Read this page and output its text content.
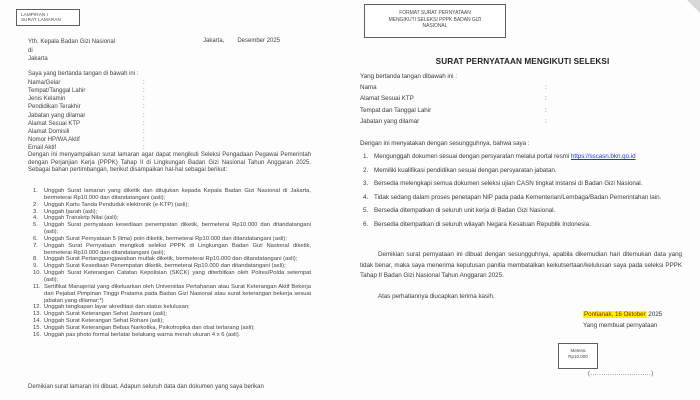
LAMPIRAN I
SURAT LAMARAN
Yth. Kepala Badan Gizi Nasional
di
Jakarta
Jakarta, Desember 2025
Saya yang bertanda tangan di bawah ini :
Nama/Gelar	:
Tempat/Tanggal Lahir	:
Jenis Kelamin	:
Pendidikan Terakhir	:
Jabatan yang dilamar	:
Alamat Sesuai KTP	:
Alamat Domisili	:
Nomor HP/WA Aktif	:
Email Aktif	:
Dengan ini menyampaikan surat lamaran agar dapat mengikuti Seleksi Pengadaan Pegawai Pemerintah dengan Perjanjian Kerja (PPPK) Tahap II di Lingkungan Badan Gizi Nasional Tahun Anggaran 2025. Sebagai bahan pertimbangan, berikut disampaikan hal-hal sebagai berikut:
Unggah Surat lamaran yang diketik dan ditujukan kepada Kepala Badan Gizi Nasional di Jakarta, bermeterai Rp10.000 dan ditandatangani (asli);
Unggah Kartu Tanda Penduduk elektronik (e-KTP) (asli);
Unggah Ijazah (asli);
Unggah Transkrip Nilai (asli);
Unggah Surat pernyataan kesediaan penempatan diketik, bermeterai Rp10.000 dan ditandatangani (asli);
Unggah Surat Pernyataan 5 (lima) poin diketik, bermeterai Rp10.000 dan ditandatangani (asli);
Unggah Surat Pernyataan mengikuti seleksi PPPK di Lingkungan Badan Gizi Nasional diketik, bermeterai Rp10.000 dan ditandatangani (asli);
Unggah Surat Pertanggungjawaban mutlak diketik, bermeterai Rp10.000 dan ditandatangani (asli);
Unggah Surat Kesediaan Penempatan diketik, bermeterai Rp10.000 dan ditandatangani (asli);
Unggah Surat Keterangan Catatan Kepolisian (SKCK) yang diterbitkan oleh Polres/Polda setempat (asli);
Sertifikat Manajerial yang dikeluarkan oleh Universitas Pertahanan atau Surat Keterangan Aktif Bekerja dari Pejabat Pimpinan Tinggi Pratama pada Badan Gizi Nasional atau surat keterangan bekerja sesuai jabatan yang dilamar;*)
Unggah tangkapan layar akreditasi dan status kelulusan;
Unggah Surat Keterangan Sehat Jasmani (asli);
Unggah Surat Keterangan Sehat Rohani (asli);
Unggah Surat Keterangan Bebas Narkotika, Psikotropika dan obat terlarang (asli);
Unggah pas photo formal berlatar belakang warna merah ukuran 4 x 6 (asli).
Demikian surat lamaran ini dibuat. Adapun seluruh data dan dokumen yang saya berikan
FORMAT SURAT PERNYATAAN
MENGIKUTI SELEKSI PPPK BADAN GIZI
NASIONAL
SURAT PERNYATAAN MENGIKUTI SELEKSI
Yang bertanda tangan dibawah ini :
Nama	:
Alamat Sesuai KTP	:
Tempat dan Tanggal Lahir	:
Jabatan yang dilamar	:
Dengan ini menyatakan dengan sesungguhnya, bahwa saya :
Mengunggah dokumen sesuai dengan persyaratan melalui portal resmi https://sscasn.bkn.go.id
Memiliki kualifikasi pendidikan sesuai dengan persyaratan jabatan.
Bersedia melengkapi semua dokumen seleksi ujian CASN tingkat instansi di Badan Gizi Nasional.
Tidak sedang dalam proses penetapan NIP pada pada Kementerian/Lembaga/Badan Pemerintahan lain.
Bersedia ditempatkan di seluruh unit kerja di Badan Gizi Nasional.
Bersedia ditempatkan di seluruh wilayah Negara Kesatuan Republik Indonesia.
Demikian surat pernyataan ini dibuat dengan sesungguhnya, apabila dikemudian hari ditemukan data yang tidak benar, maka saya menerima keputusan panitia membatalkan keikutsertaan/kelulusan saya pada seleksi PPPK Tahap II Badan Gizi Nasional Tahun Anggaran 2025.
Atas perhatiannya diucapkan terima kasih.
Pontianak, 16 Oktober 2025
Yang membuat pernyataan
Meterai
Rp10.000
(............................)
